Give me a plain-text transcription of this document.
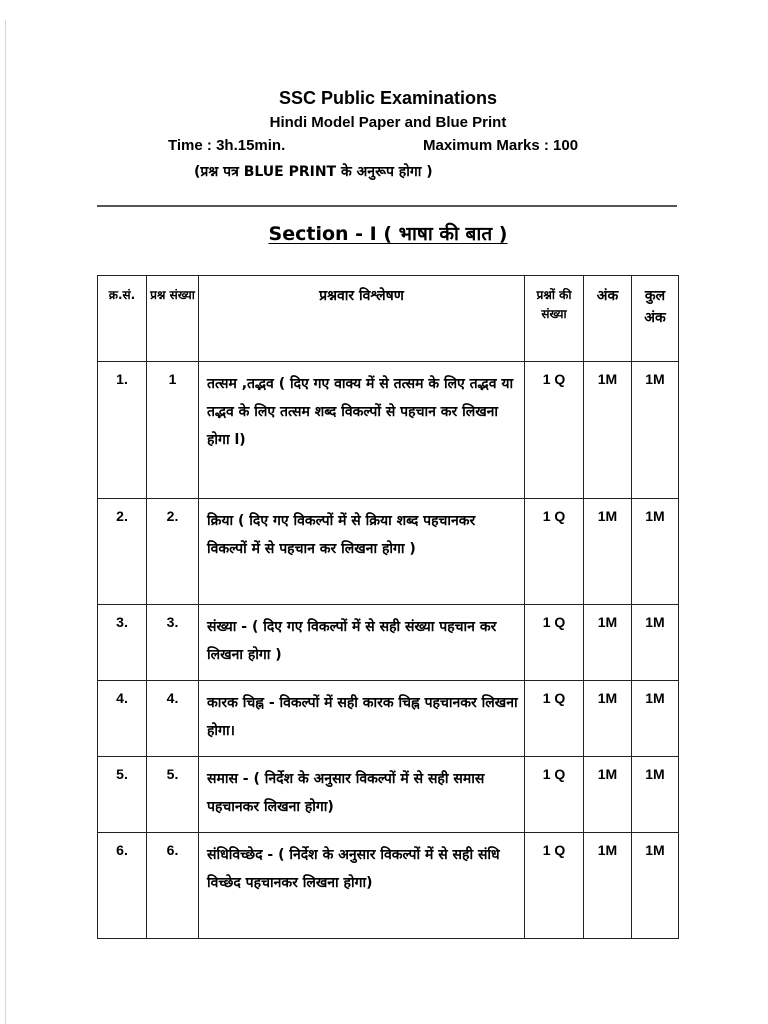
SSC Public Examinations
Hindi Model Paper and Blue Print
Time : 3h.15min.	Maximum Marks : 100
(प्रश्न पत्र BLUE PRINT के अनुरूप होगा )
Section - I ( भाषा की बात )
क्र.सं.	प्रश्न संख्या	प्रश्नवार विश्लेषण	प्रश्नों की संख्या	अंक	कुल अंक
1.	1	तत्सम ,तद्भव ( दिए गए वाक्य में से तत्सम के लिए तद्भव या तद्भव के लिए तत्सम शब्द विकल्पों से पहचान कर लिखना होगा l)	1 Q	1M	1M
2.	2.	क्रिया ( दिए गए विकल्पों में से क्रिया शब्द पहचानकर विकल्पों में से पहचान कर लिखना होगा )	1 Q	1M	1M
3.	3.	संख्या - ( दिए गए विकल्पों में से सही संख्या पहचान कर लिखना होगा )	1 Q	1M	1M
4.	4.	कारक चिह्न - विकल्पों में सही कारक चिह्न पहचानकर लिखना होगा।	1 Q	1M	1M
5.	5.	समास - ( निर्देश के अनुसार विकल्पों में से सही समास पहचानकर लिखना होगा)	1 Q	1M	1M
6.	6.	संधिविच्छेद - ( निर्देश के अनुसार विकल्पों में से सही संधि विच्छेद पहचानकर लिखना होगा)	1 Q	1M	1M
